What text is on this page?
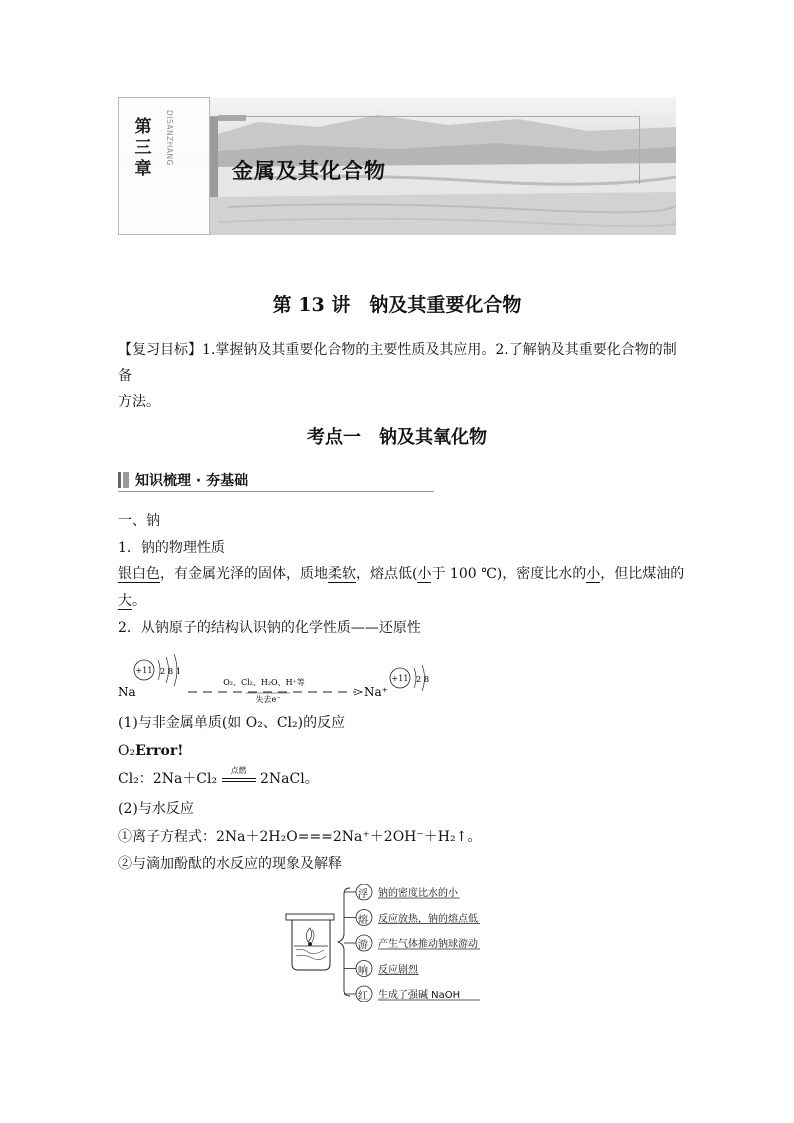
第
三
章
DISANZHANG
金属及其化合物
第 13 讲　钠及其重要化合物
【复习目标】1.掌握钠及其重要化合物的主要性质及其应用。2.了解钠及其重要化合物的制备
方法。
考点一　钠及其氧化物
知识梳理 · 夯基础
一、钠
1．钠的物理性质
银白色，有金属光泽的固体，质地柔软，熔点低(小于 100 ℃)，密度比水的小，但比煤油的
大。
2．从钠原子的结构认识钠的化学性质——还原性
+11 2 8 1
Na
O₂、Cl₂、H₂O、H⁺等
失去e⁻
Na⁺
+11 2 8
(1)与非金属单质(如 O₂、Cl₂)的反应
O₂Error!
Cl₂：2Na＋Cl₂
点燃
2NaCl。
(2)与水反应
①离子方程式：2Na＋2H₂O===2Na⁺＋2OH⁻＋H₂↑。
②与滴加酚酞的水反应的现象及解释
浮 钠的密度比水的小
熔 反应放热，钠的熔点低
游 产生气体推动钠球游动
响 反应剧烈
红 生成了强碱 NaOH
